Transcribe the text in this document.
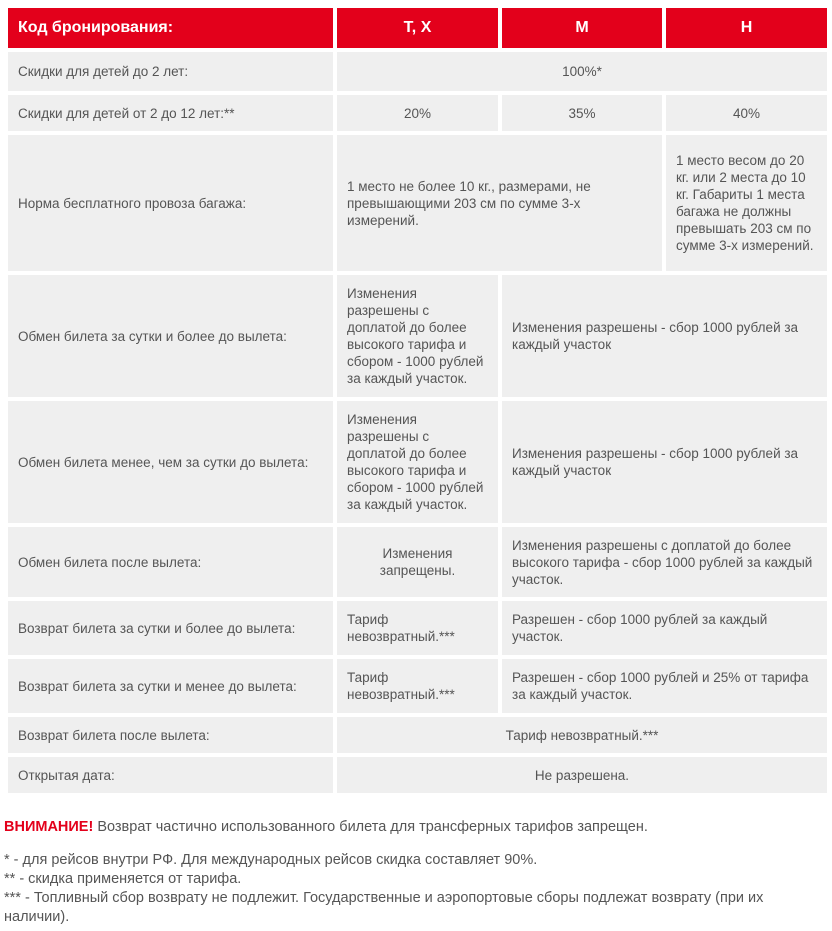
Код бронирования:	Т, Х	М	Н
Скидки для детей до 2 лет:	100%*		
Скидки для детей от 2 до 12 лет:**	20%	35%	40%
Норма бесплатного провоза багажа:	1 место не более 10 кг., размерами, не превышающими 203 см по сумме 3-х измерений.		1 место весом до 20 кг. или 2 места до 10 кг. Габариты 1 места багажа не должны превышать 203 см по сумме 3-х измерений.
Обмен билета за сутки и более до вылета:	Изменения разрешены с доплатой до более высокого тарифа и сбором - 1000 рублей за каждый участок.	Изменения разрешены - сбор 1000 рублей за каждый участок	
Обмен билета менее, чем за сутки до вылета:	Изменения разрешены с доплатой до более высокого тарифа и сбором - 1000 рублей за каждый участок.	Изменения разрешены - сбор 1000 рублей за каждый участок	
Обмен билета после вылета:	Изменения запрещены.	Изменения разрешены с доплатой до более высокого тарифа - сбор 1000 рублей за каждый участок.	
Возврат билета за сутки и более до вылета:	Тариф невозвратный.***	Разрешен - сбор 1000 рублей за каждый участок.	
Возврат билета за сутки и менее до вылета:	Тариф невозвратный.***	Разрешен - сбор 1000 рублей и 25% от тарифа за каждый участок.	
Возврат билета после вылета:	Тариф невозвратный.***		
Открытая дата:	Не разрешена.		

ВНИМАНИЕ! Возврат частично использованного билета для трансферных тарифов запрещен.

* - для рейсов внутри РФ. Для международных рейсов скидка составляет 90%.

** - скидка применяется от тарифа.

*** - Топливный сбор возврату не подлежит. Государственные и аэропортовые сборы подлежат возврату (при их наличии).
